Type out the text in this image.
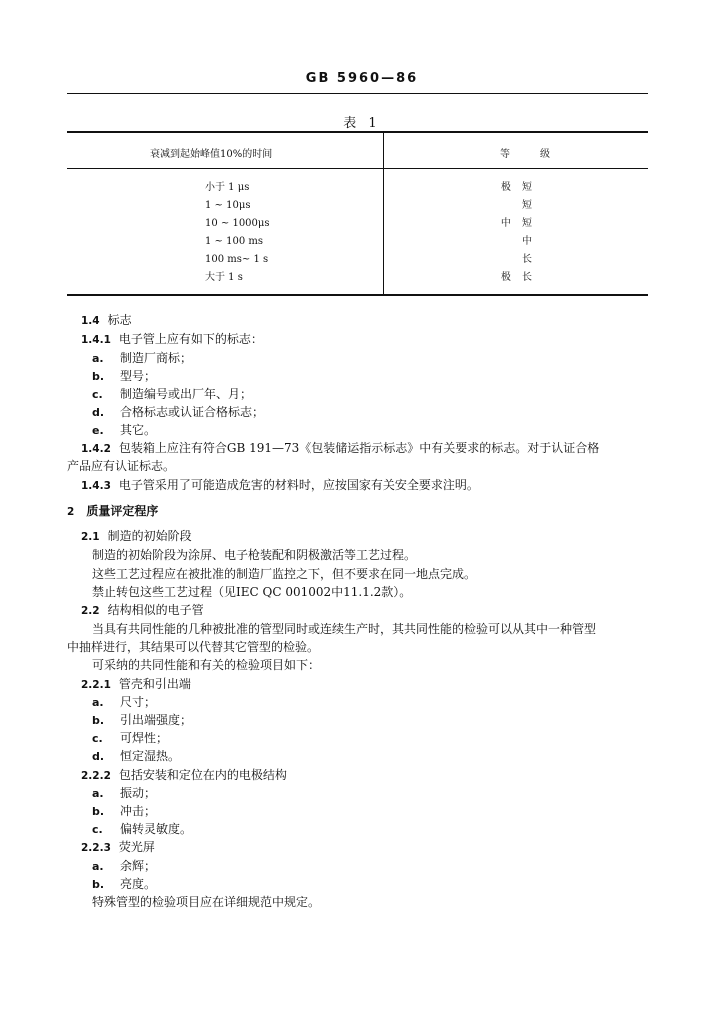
GB 5960—86
表 1
衰减到起始峰值10%的时间	等　级
小于 1 μs	极 短
1 ~ 10μs	短
10 ~ 1000μs	中 短
1 ~ 100 ms	中
100 ms~ 1 s	长
大于 1 s	极 长
1.4 标志
1.4.1 电子管上应有如下的标志：
a. 制造厂商标；
b. 型号；
c. 制造编号或出厂年、月；
d. 合格标志或认证合格标志；
e. 其它。
1.4.2 包装箱上应注有符合GB 191—73《包装储运指示标志》中有关要求的标志。对于认证合格
产品应有认证标志。
1.4.3 电子管采用了可能造成危害的材料时，应按国家有关安全要求注明。
2 质量评定程序
2.1 制造的初始阶段
制造的初始阶段为涂屏、电子枪装配和阴极激活等工艺过程。
这些工艺过程应在被批准的制造厂监控之下，但不要求在同一地点完成。
禁止转包这些工艺过程（见IEC QC 001002中11.1.2款）。
2.2 结构相似的电子管
当具有共同性能的几种被批准的管型同时或连续生产时，其共同性能的检验可以从其中一种管型
中抽样进行，其结果可以代替其它管型的检验。
可采纳的共同性能和有关的检验项目如下：
2.2.1 管壳和引出端
a. 尺寸；
b. 引出端强度；
c. 可焊性；
d. 恒定湿热。
2.2.2 包括安装和定位在内的电极结构
a. 振动；
b. 冲击；
c. 偏转灵敏度。
2.2.3 荧光屏
a. 余辉；
b. 亮度。
特殊管型的检验项目应在详细规范中规定。
